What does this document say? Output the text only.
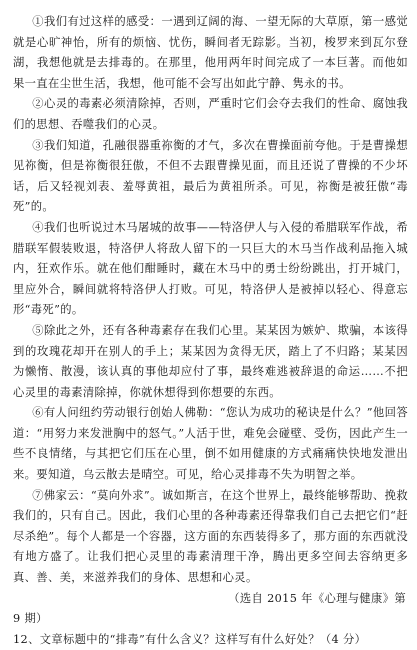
①我们有过这样的感受：一遇到辽阔的海、一望无际的大草原，第一感觉就是心旷神怡，所有的烦恼、忧伤，瞬间者无踪影。当初，梭罗来到瓦尔登湖，我想他就是去排毒的。在那里，他用两年时间完成了一本巨著。而他如果一直在尘世生活，我想，他可能不会写出如此宁静、隽永的书。

②心灵的毒素必须清除掉，否则，严重时它们会夺去我们的性命、腐蚀我们的思想、吞噬我们的心灵。

③我们知道，孔融很器重祢衡的才气，多次在曹操面前夸他。于是曹操想见祢衡，但是祢衡很狂傲，不但不去跟曹操见面，而且还说了曹操的不少坏话，后又轻视刘表、羞辱黄祖，最后为黄祖所杀。可见，祢衡是被狂傲“毒死”的。

④我们也听说过木马屠城的故事——特洛伊人与入侵的希腊联军作战，希腊联军假装败退，特洛伊人将敌人留下的一只巨大的木马当作战利品拖入城内，狂欢作乐。就在他们酣睡时，藏在木马中的勇士纷纷跳出，打开城门，里应外合，瞬间就将特洛伊人打败。可见，特洛伊人是被掉以轻心、得意忘形“毒死”的。

⑤除此之外，还有各种毒素存在我们心里。某某因为嫉妒、欺骗，本该得到的玫瑰花却开在别人的手上；某某因为贪得无厌，踏上了不归路；某某因为懒惰、散漫，该认真的事他却应付了事，最终难逃被辞退的命运……不把心灵里的毒素清除掉，你就休想得到你想要的东西。

⑥有人问纽约劳动银行创始人佛勒：“您认为成功的秘诀是什么？”他回答道：“用努力来发泄胸中的怒气。”人活于世，难免会碰壁、受伤，因此产生一些不良情绪，与其把它们压在心里，倒不如用健康的方式痛痛快快地发泄出来。要知道，乌云散去是晴空。可见，给心灵排毒不失为明智之举。

⑦佛家云：“莫向外求”。诚如斯言，在这个世界上，最终能够帮助、挽救我们的，只有自己。因此，我们心里的各种毒素还得靠我们自己去把它们“赶尽杀绝”。每个人都是一个容器，这方面的东西装得多了，那方面的东西就没有地方盛了。让我们把心灵里的毒素清理干净，腾出更多空间去容纳更多真、善、美，来滋养我们的身体、思想和心灵。

（选自 2015 年《心理与健康》第

9 期）

12、文章标题中的“排毒”有什么含义？这样写有什么好处？（4 分）
